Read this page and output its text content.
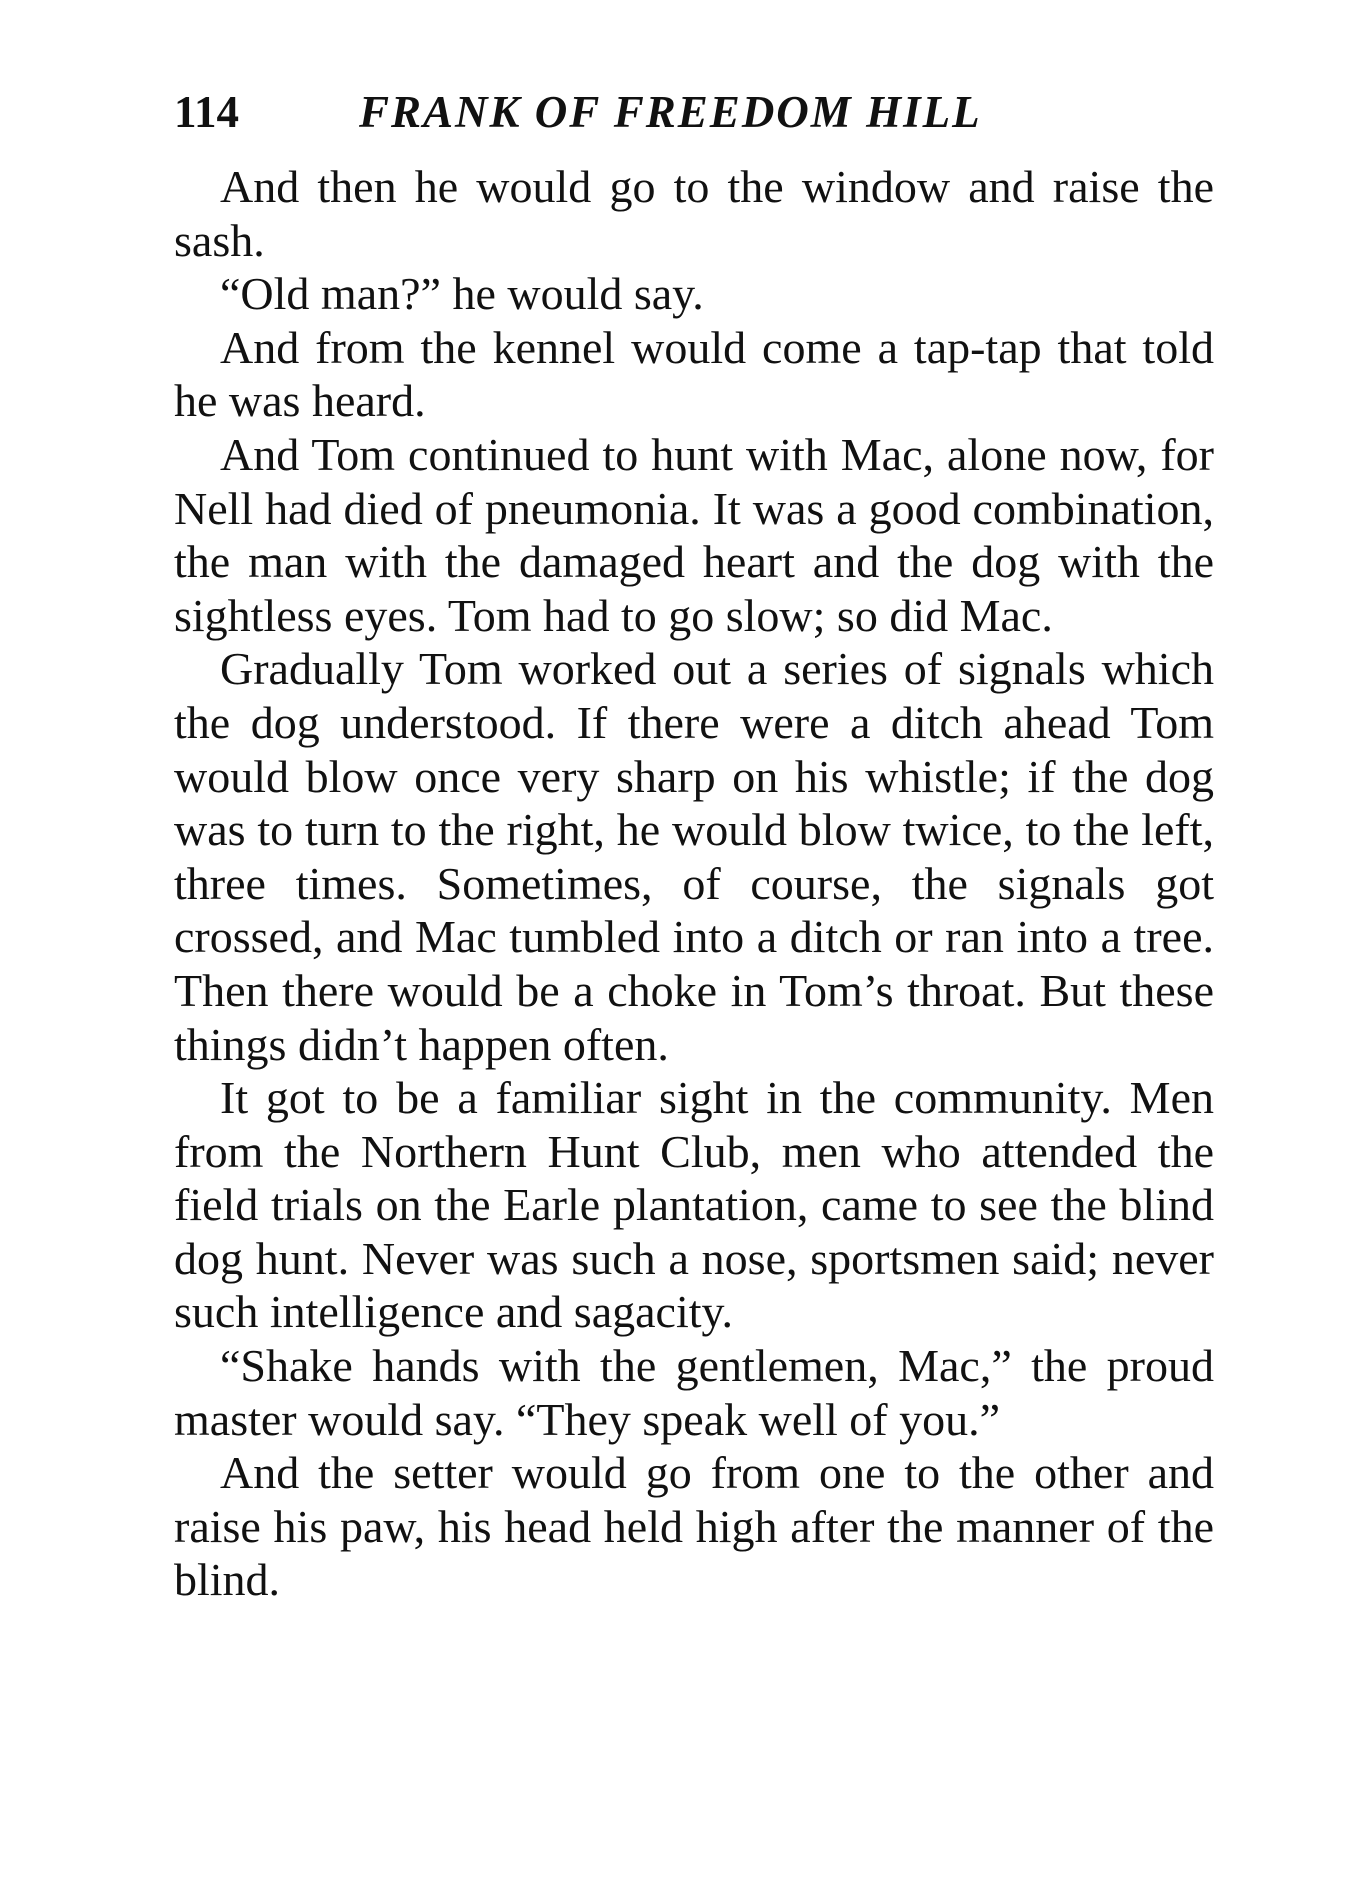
114	FRANK OF FREEDOM HILL

And then he would go to the window and raise the sash.

“Old man?” he would say.

And from the kennel would come a tap-tap that told he was heard.

And Tom continued to hunt with Mac, alone now, for Nell had died of pneumonia. It was a good combination, the man with the damaged heart and the dog with the sightless eyes. Tom had to go slow; so did Mac.

Gradually Tom worked out a series of signals which the dog understood. If there were a ditch ahead Tom would blow once very sharp on his whistle; if the dog was to turn to the right, he would blow twice, to the left, three times. Sometimes, of course, the signals got crossed, and Mac tumbled into a ditch or ran into a tree. Then there would be a choke in Tom’s throat. But these things didn’t happen often.

It got to be a familiar sight in the community. Men from the Northern Hunt Club, men who attended the field trials on the Earle plantation, came to see the blind dog hunt. Never was such a nose, sportsmen said; never such intelligence and sagacity.

“Shake hands with the gentlemen, Mac,” the proud master would say. “They speak well of you.”

And the setter would go from one to the other and raise his paw, his head held high after the manner of the blind.
